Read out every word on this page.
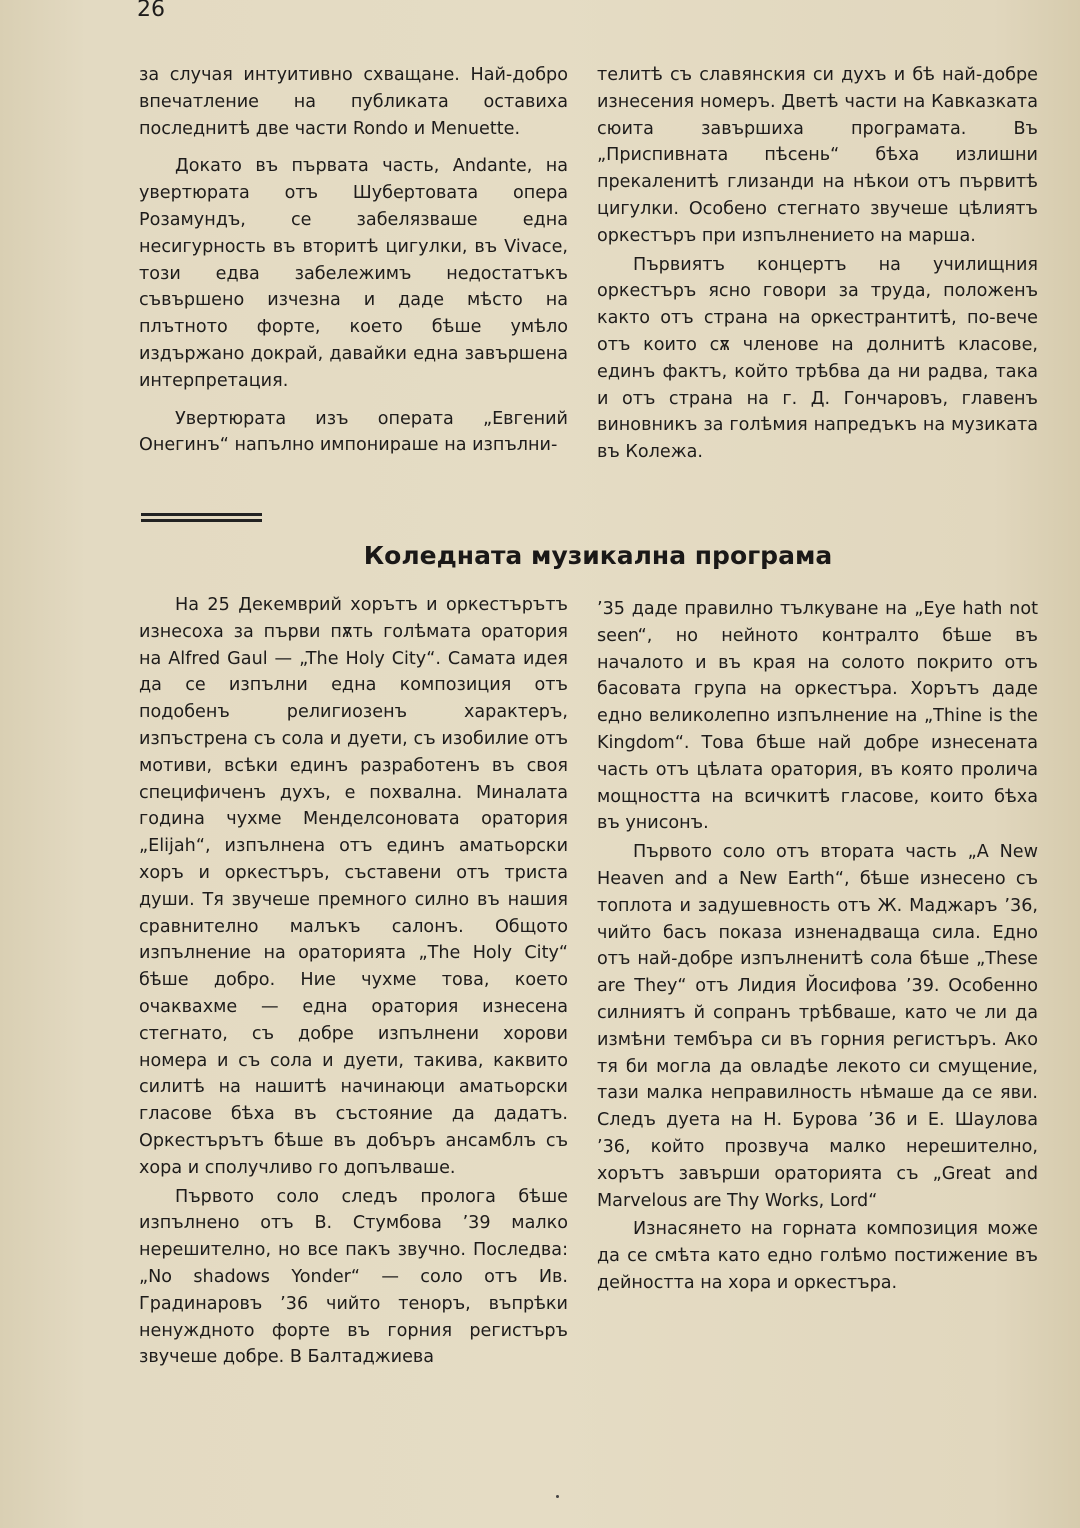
26

за случая интуитивно схващане. Най-добро впечатление на публиката оставиха последнитѣ две части Rondo и Menuette.

Докато въ първата часть, Andante, на увертюрата отъ Шубертовата опера Розамундъ, се забелязваше една несигурность въ вторитѣ цигулки, въ Vivace, този едва забележимъ недостатъкъ съвършено изчезна и даде мѣсто на плътното форте, което бѣше умѣло издържано докрай, давайки една завършена интерпретация.

Увертюрата изъ операта „Евгений Онегинъ“ напълно импонираше на изпълни-

телитѣ съ славянския си духъ и бѣ най-добре изнесения номеръ. Дветѣ части на Кавказката сюита завършиха програмата. Въ „Приспивната пѣсень“ бѣха излишни прекаленитѣ глизанди на нѣкои отъ първитѣ цигулки. Особено стегнато звучеше цѣлиятъ оркестъръ при изпълнението на марша.

Първиятъ концертъ на училищния оркестъръ ясно говори за труда, положенъ както отъ страна на оркестрантитѣ, по-вече отъ които сѫ членове на долнитѣ класове, единъ фактъ, който трѣбва да ни радва, така и отъ страна на г. Д. Гончаровъ, главенъ виновникъ за голѣмия напредъкъ на музиката въ Колежа.

Коледната музикална програма

На 25 Декемврий хорътъ и оркестърътъ изнесоха за първи пѫть голѣмата оратория на Alfred Gaul — „The Holy City“. Самата идея да се изпълни една композиция отъ подобенъ религиозенъ характеръ, изпъстрена съ сола и дуети, съ изобилие отъ мотиви, всѣки единъ разработенъ въ своя специфиченъ духъ, е похвална. Миналата година чухме Менделсоновата оратория „Elijah“, изпълнена отъ единъ аматьорски хоръ и оркестъръ, съставени отъ триста души. Тя звучеше премного силно въ нашия сравнително малъкъ салонъ. Общото изпълнение на ораторията „The Holy City“ бѣше добро. Ние чухме това, което очаквахме — една оратория изнесена стегнато, съ добре изпълнени хорови номера и съ сола и дуети, такива, каквито силитѣ на нашитѣ начинаюци аматьорски гласове бѣха въ състояние да дадатъ. Оркестърътъ бѣше въ добъръ ансамблъ съ хора и сполучливо го допълваше.

Първото соло следъ пролога бѣше изпълнено отъ В. Стумбова ’39 малко нерешително, но все пакъ звучно. Последва: „No shadows Yonder“ — соло отъ Ив. Градинаровъ ’36 чийто теноръ, въпрѣки ненуждното форте въ горния регистъръ звучеше добре. В Балтаджиева

’35 даде правилно тълкуване на „Eye hath not seen“, но нейното контралто бѣше въ началото и въ края на солото покрито отъ басовата група на оркестъра. Хорътъ даде едно великолепно изпълнение на „Thine is the Kingdom“. Това бѣше най добре изнесената часть отъ цѣлата оратория, въ която пролича мощността на всичкитѣ гласове, които бѣха въ унисонъ.

Първото соло отъ втората часть „A New Heaven and a New Earth“, бѣше изнесено съ топлота и задушевность отъ Ж. Маджаръ ’36, чийто басъ показа изненадваща сила. Едно отъ най-добре изпълненитѣ сола бѣше „These are They“ отъ Лидия Йосифова ’39. Особенно силниятъ й сопранъ трѣбваше, като че ли да измѣни тембъра си въ горния регистъръ. Ако тя би могла да овладѣе лекото си смущение, тази малка неправилность нѣмаше да се яви. Следъ дуета на Н. Бурова ’36 и Е. Шаулова ’36, който прозвуча малко нерешително, хорътъ завърши ораторията съ „Great and Marvelous are Thy Works, Lord“

Изнасянето на горната композиция може да се смѣта като едно голѣмо постижение въ дейността на хора и оркестъра.
